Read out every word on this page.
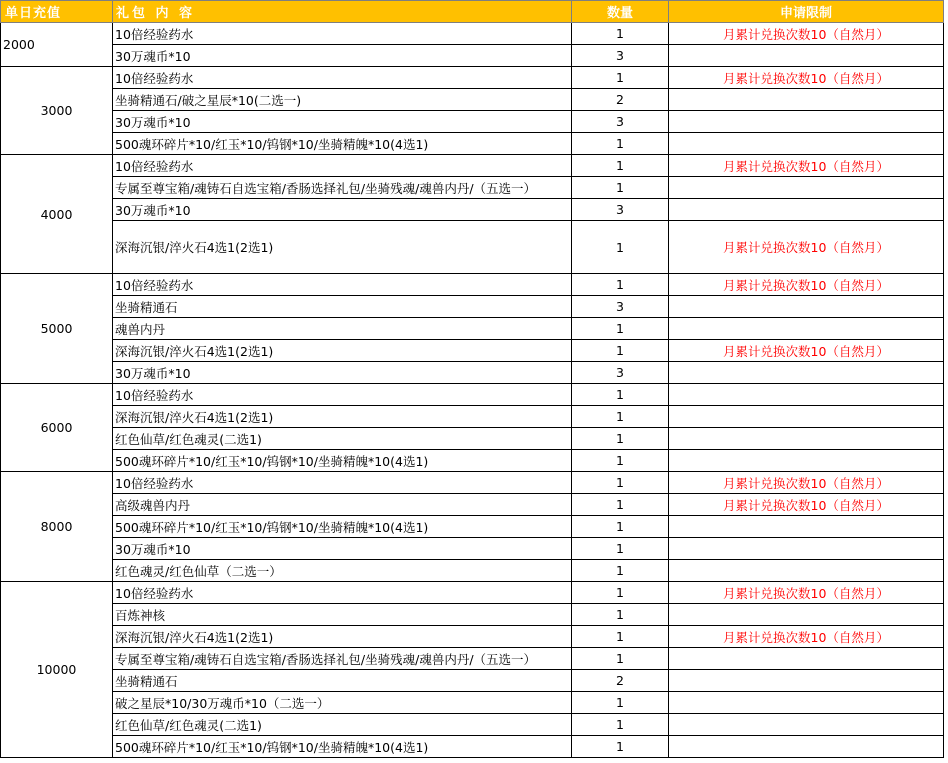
单日充值	礼包 内 容	数量	申请限制
2000	10倍经验药水	1	月累计兑换次数10（自然月）
	30万魂币*10	3	
3000	10倍经验药水	1	月累计兑换次数10（自然月）
	坐骑精通石/破之星辰*10(二选一)	2	
	30万魂币*10	3	
	500魂环碎片*10/红玉*10/钨钢*10/坐骑精魄*10(4选1)	1	
4000	10倍经验药水	1	月累计兑换次数10（自然月）
	专属至尊宝箱/魂铸石自选宝箱/香肠选择礼包/坐骑残魂/魂兽内丹/（五选一）	1	
	30万魂币*10	3	
	深海沉银/淬火石4选1(2选1)	1	月累计兑换次数10（自然月）
5000	10倍经验药水	1	月累计兑换次数10（自然月）
	坐骑精通石	3	
	魂兽内丹	1	
	深海沉银/淬火石4选1(2选1)	1	月累计兑换次数10（自然月）
	30万魂币*10	3	
6000	10倍经验药水	1	
	深海沉银/淬火石4选1(2选1)	1	
	红色仙草/红色魂灵(二选1)	1	
	500魂环碎片*10/红玉*10/钨钢*10/坐骑精魄*10(4选1)	1	
8000	10倍经验药水	1	月累计兑换次数10（自然月）
	高级魂兽内丹	1	月累计兑换次数10（自然月）
	500魂环碎片*10/红玉*10/钨钢*10/坐骑精魄*10(4选1)	1	
	30万魂币*10	1	
	红色魂灵/红色仙草（二选一）	1	
10000	10倍经验药水	1	月累计兑换次数10（自然月）
	百炼神核	1	
	深海沉银/淬火石4选1(2选1)	1	月累计兑换次数10（自然月）
	专属至尊宝箱/魂铸石自选宝箱/香肠选择礼包/坐骑残魂/魂兽内丹/（五选一）	1	
	坐骑精通石	2	
	破之星辰*10/30万魂币*10（二选一）	1	
	红色仙草/红色魂灵(二选1)	1	
	500魂环碎片*10/红玉*10/钨钢*10/坐骑精魄*10(4选1)	1	
